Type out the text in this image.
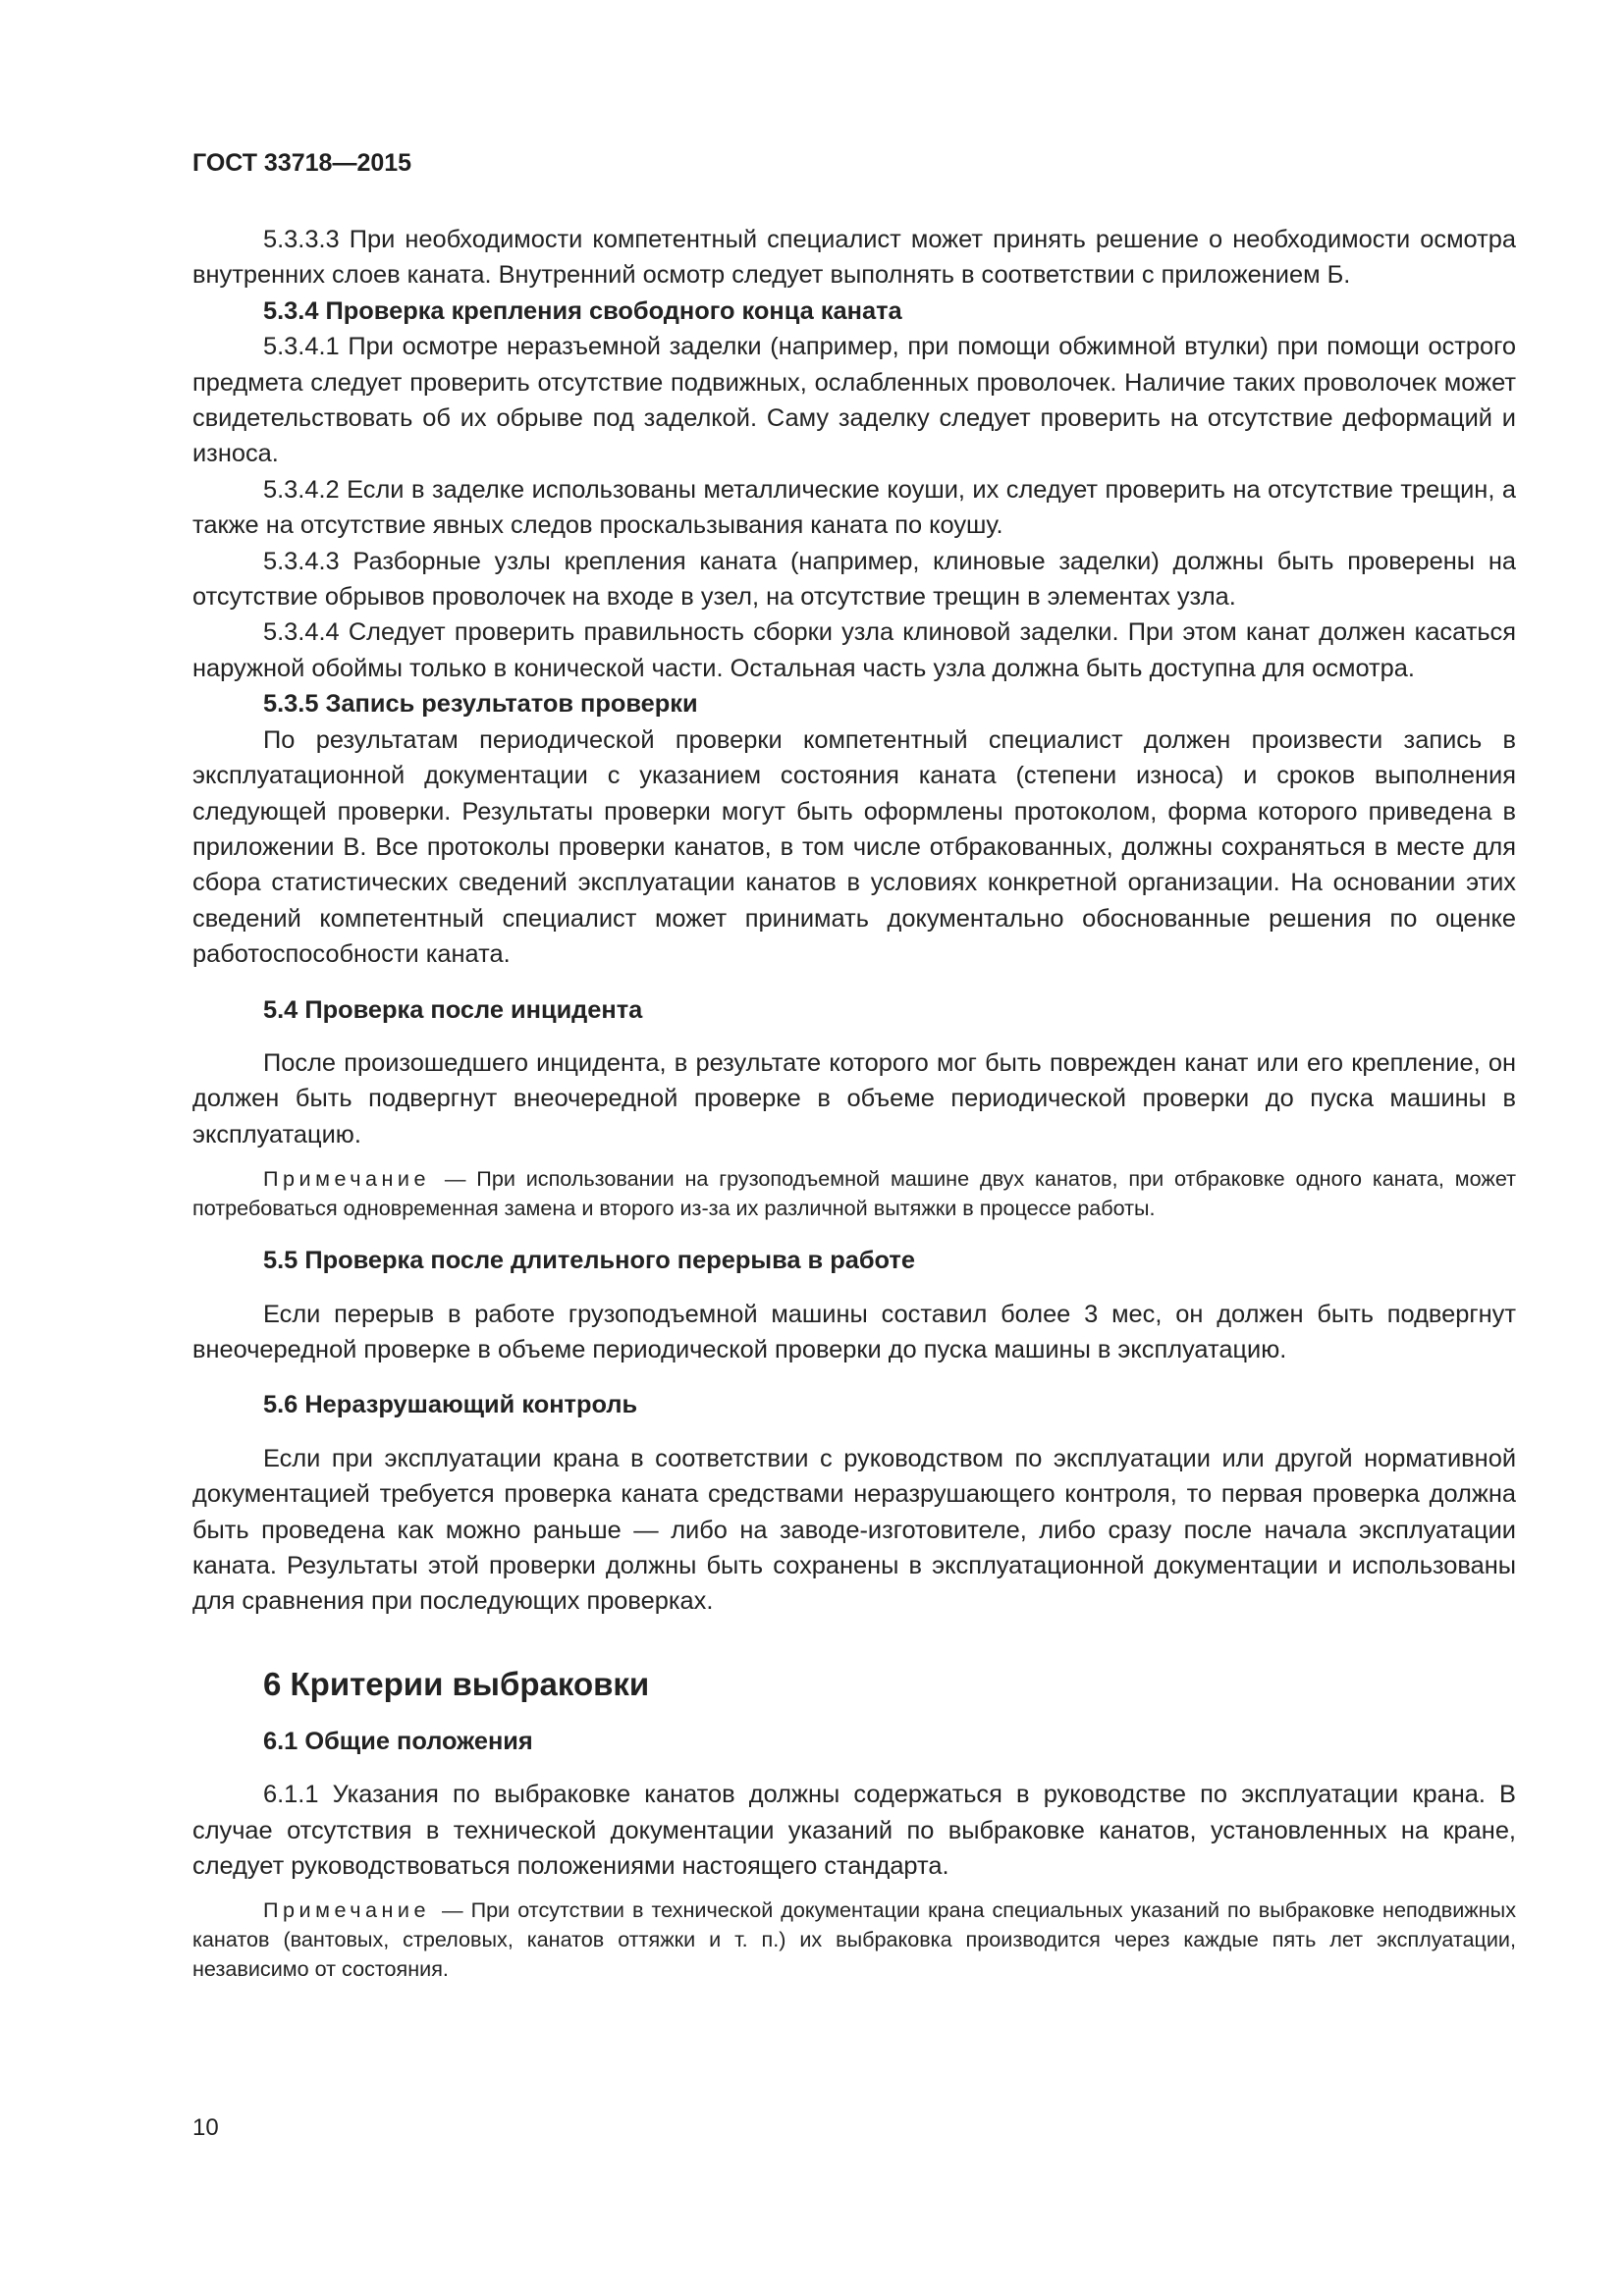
ГОСТ 33718—2015

5.3.3.3 При необходимости компетентный специалист может принять решение о необходимости осмотра внутренних слоев каната. Внутренний осмотр следует выполнять в соответствии с приложением Б.

5.3.4 Проверка крепления свободного конца каната

5.3.4.1 При осмотре неразъемной заделки (например, при помощи обжимной втулки) при помощи острого предмета следует проверить отсутствие подвижных, ослабленных проволочек. Наличие таких проволочек может свидетельствовать об их обрыве под заделкой. Саму заделку следует проверить на отсутствие деформаций и износа.

5.3.4.2 Если в заделке использованы металлические коуши, их следует проверить на отсутствие трещин, а также на отсутствие явных следов проскальзывания каната по коушу.

5.3.4.3 Разборные узлы крепления каната (например, клиновые заделки) должны быть проверены на отсутствие обрывов проволочек на входе в узел, на отсутствие трещин в элементах узла.

5.3.4.4 Следует проверить правильность сборки узла клиновой заделки. При этом канат должен касаться наружной обоймы только в конической части. Остальная часть узла должна быть доступна для осмотра.

5.3.5 Запись результатов проверки

По результатам периодической проверки компетентный специалист должен произвести запись в эксплуатационной документации с указанием состояния каната (степени износа) и сроков выполнения следующей проверки. Результаты проверки могут быть оформлены протоколом, форма которого приведена в приложении В. Все протоколы проверки канатов, в том числе отбракованных, должны сохраняться в месте для сбора статистических сведений эксплуатации канатов в условиях конкретной организации. На основании этих сведений компетентный специалист может принимать документально обоснованные решения по оценке работоспособности каната.

5.4 Проверка после инцидента

После произошедшего инцидента, в результате которого мог быть поврежден канат или его крепление, он должен быть подвергнут внеочередной проверке в объеме периодической проверки до пуска машины в эксплуатацию.

Примечание — При использовании на грузоподъемной машине двух канатов, при отбраковке одного каната, может потребоваться одновременная замена и второго из-за их различной вытяжки в процессе работы.

5.5 Проверка после длительного перерыва в работе

Если перерыв в работе грузоподъемной машины составил более 3 мес, он должен быть подвергнут внеочередной проверке в объеме периодической проверки до пуска машины в эксплуатацию.

5.6 Неразрушающий контроль

Если при эксплуатации крана в соответствии с руководством по эксплуатации или другой нормативной документацией требуется проверка каната средствами неразрушающего контроля, то первая проверка должна быть проведена как можно раньше — либо на заводе-изготовителе, либо сразу после начала эксплуатации каната. Результаты этой проверки должны быть сохранены в эксплуатационной документации и использованы для сравнения при последующих проверках.

6 Критерии выбраковки
6.1 Общие положения

6.1.1 Указания по выбраковке канатов должны содержаться в руководстве по эксплуатации крана. В случае отсутствия в технической документации указаний по выбраковке канатов, установленных на кране, следует руководствоваться положениями настоящего стандарта.

Примечание — При отсутствии в технической документации крана специальных указаний по выбраковке неподвижных канатов (вантовых, стреловых, канатов оттяжки и т. п.) их выбраковка производится через каждые пять лет эксплуатации, независимо от состояния.

10
